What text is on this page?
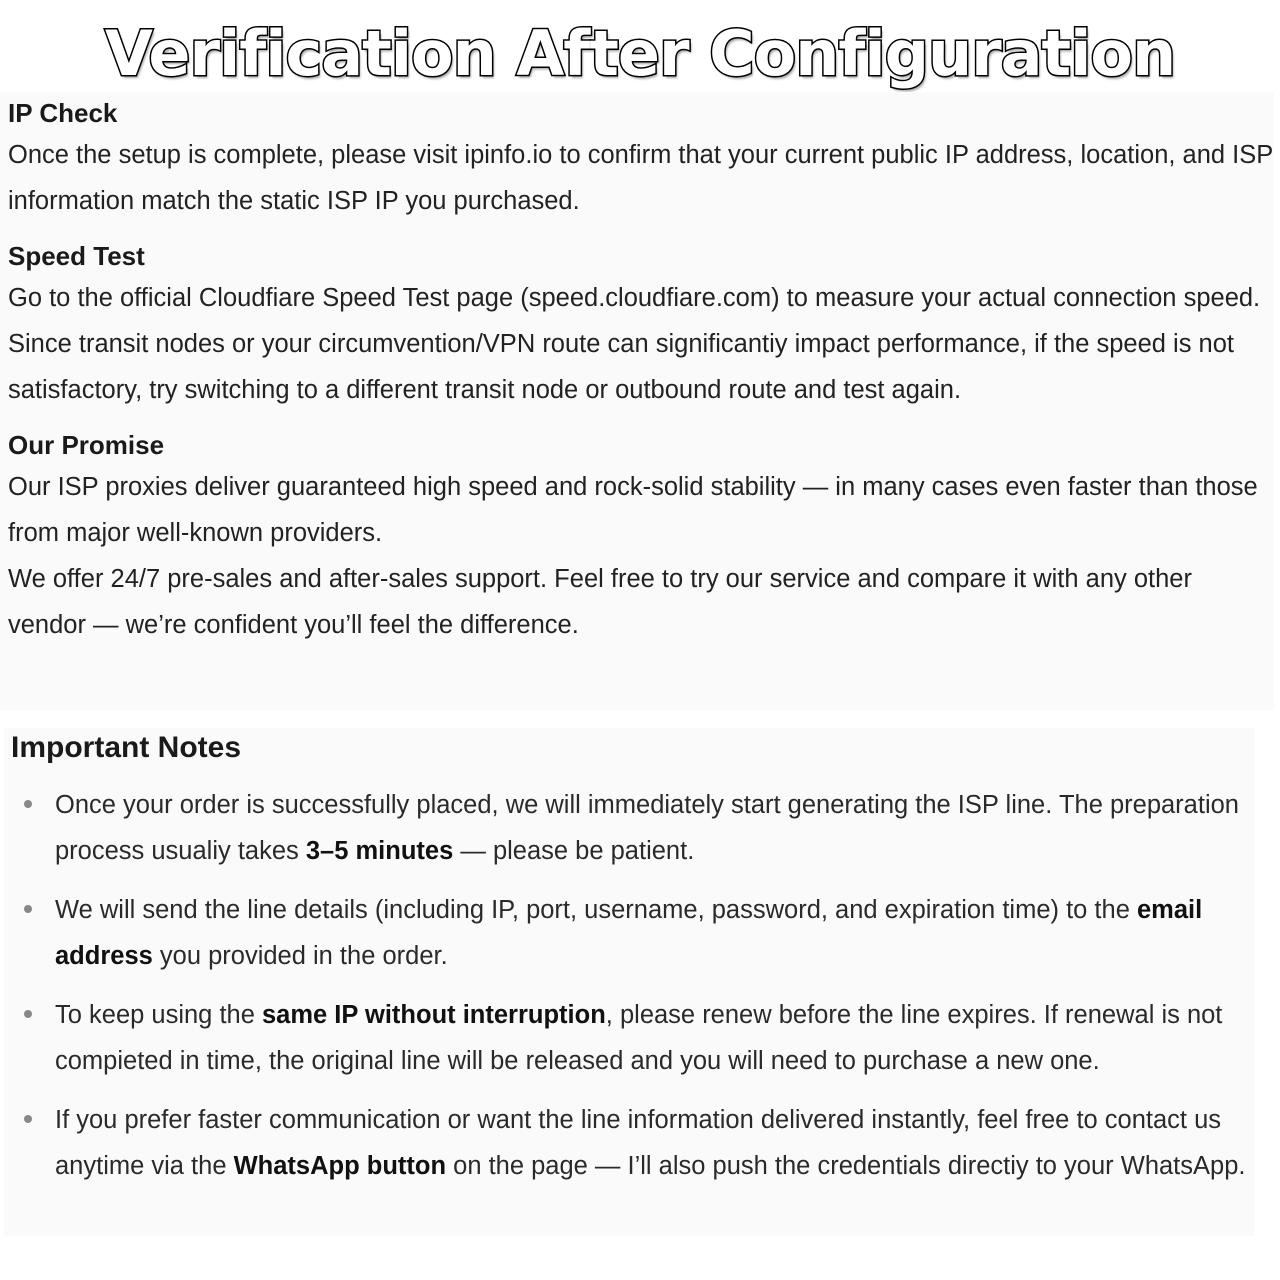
Verification After Configuration
IP Check

Once the setup is complete, please visit ipinfo.io to confirm that your current public IP address, location, and ISP information match the static ISP IP you purchased.

Speed Test

Go to the official Cloudfiare Speed Test page (speed.cloudfiare.com) to measure your actual connection speed.

Since transit nodes or your circumvention/VPN route can significantiy impact performance, if the speed is not satisfactory, try switching to a different transit node or outbound route and test again.

Our Promise

Our ISP proxies deliver guaranteed high speed and rock-solid stability — in many cases even faster than those from major well-known providers.

We offer 24/7 pre-sales and after-sales support. Feel free to try our service and compare it with any other vendor — we’re confident you’ll feel the difference.

Important Notes
Once your order is successfully placed, we will immediately start generating the ISP line. The preparation process usualiy takes 3–5 minutes — please be patient.
We will send the line details (including IP, port, username, password, and expiration time) to the email address you provided in the order.
To keep using the same IP without interruption, please renew before the line expires. If renewal is not compieted in time, the original line will be released and you will need to purchase a new one.
If you prefer faster communication or want the line information delivered instantly, feel free to contact us anytime via the WhatsApp button on the page — I’ll also push the credentials directiy to your WhatsApp.
